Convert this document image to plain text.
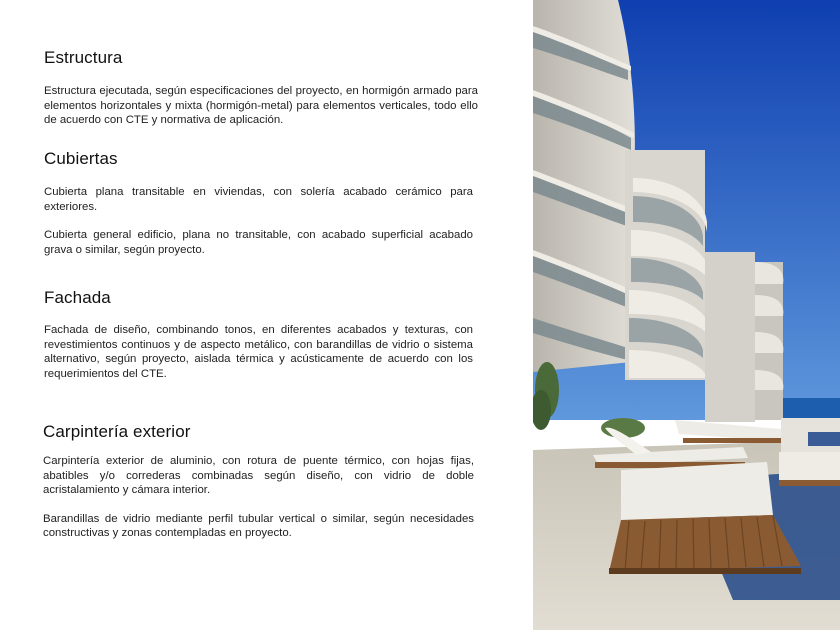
Estructura

Estructura ejecutada, según especificaciones del proyecto, en hormigón armado para elementos horizontales y mixta (hormigón-metal) para elementos verticales, todo ello de acuerdo con CTE y normativa de aplicación.

Cubiertas

Cubierta plana transitable en viviendas, con solería acabado cerámico para exteriores.

Cubierta general edificio, plana no transitable, con acabado superficial acabado grava o similar, según proyecto.

Fachada

Fachada de diseño, combinando tonos, en diferentes acabados y texturas, con revestimientos continuos y de aspecto metálico, con barandillas de vidrio o sistema alternativo, según proyecto, aislada térmica y acústicamente de acuerdo con los requerimientos del CTE.

Carpintería exterior

Carpintería exterior de aluminio, con rotura de puente térmico, con hojas fijas, abatibles y/o correderas combinadas según diseño, con vidrio de doble acristalamiento y cámara interior.

Barandillas de vidrio mediante perfil tubular vertical o similar, según necesidades constructivas y zonas contempladas en proyecto.
